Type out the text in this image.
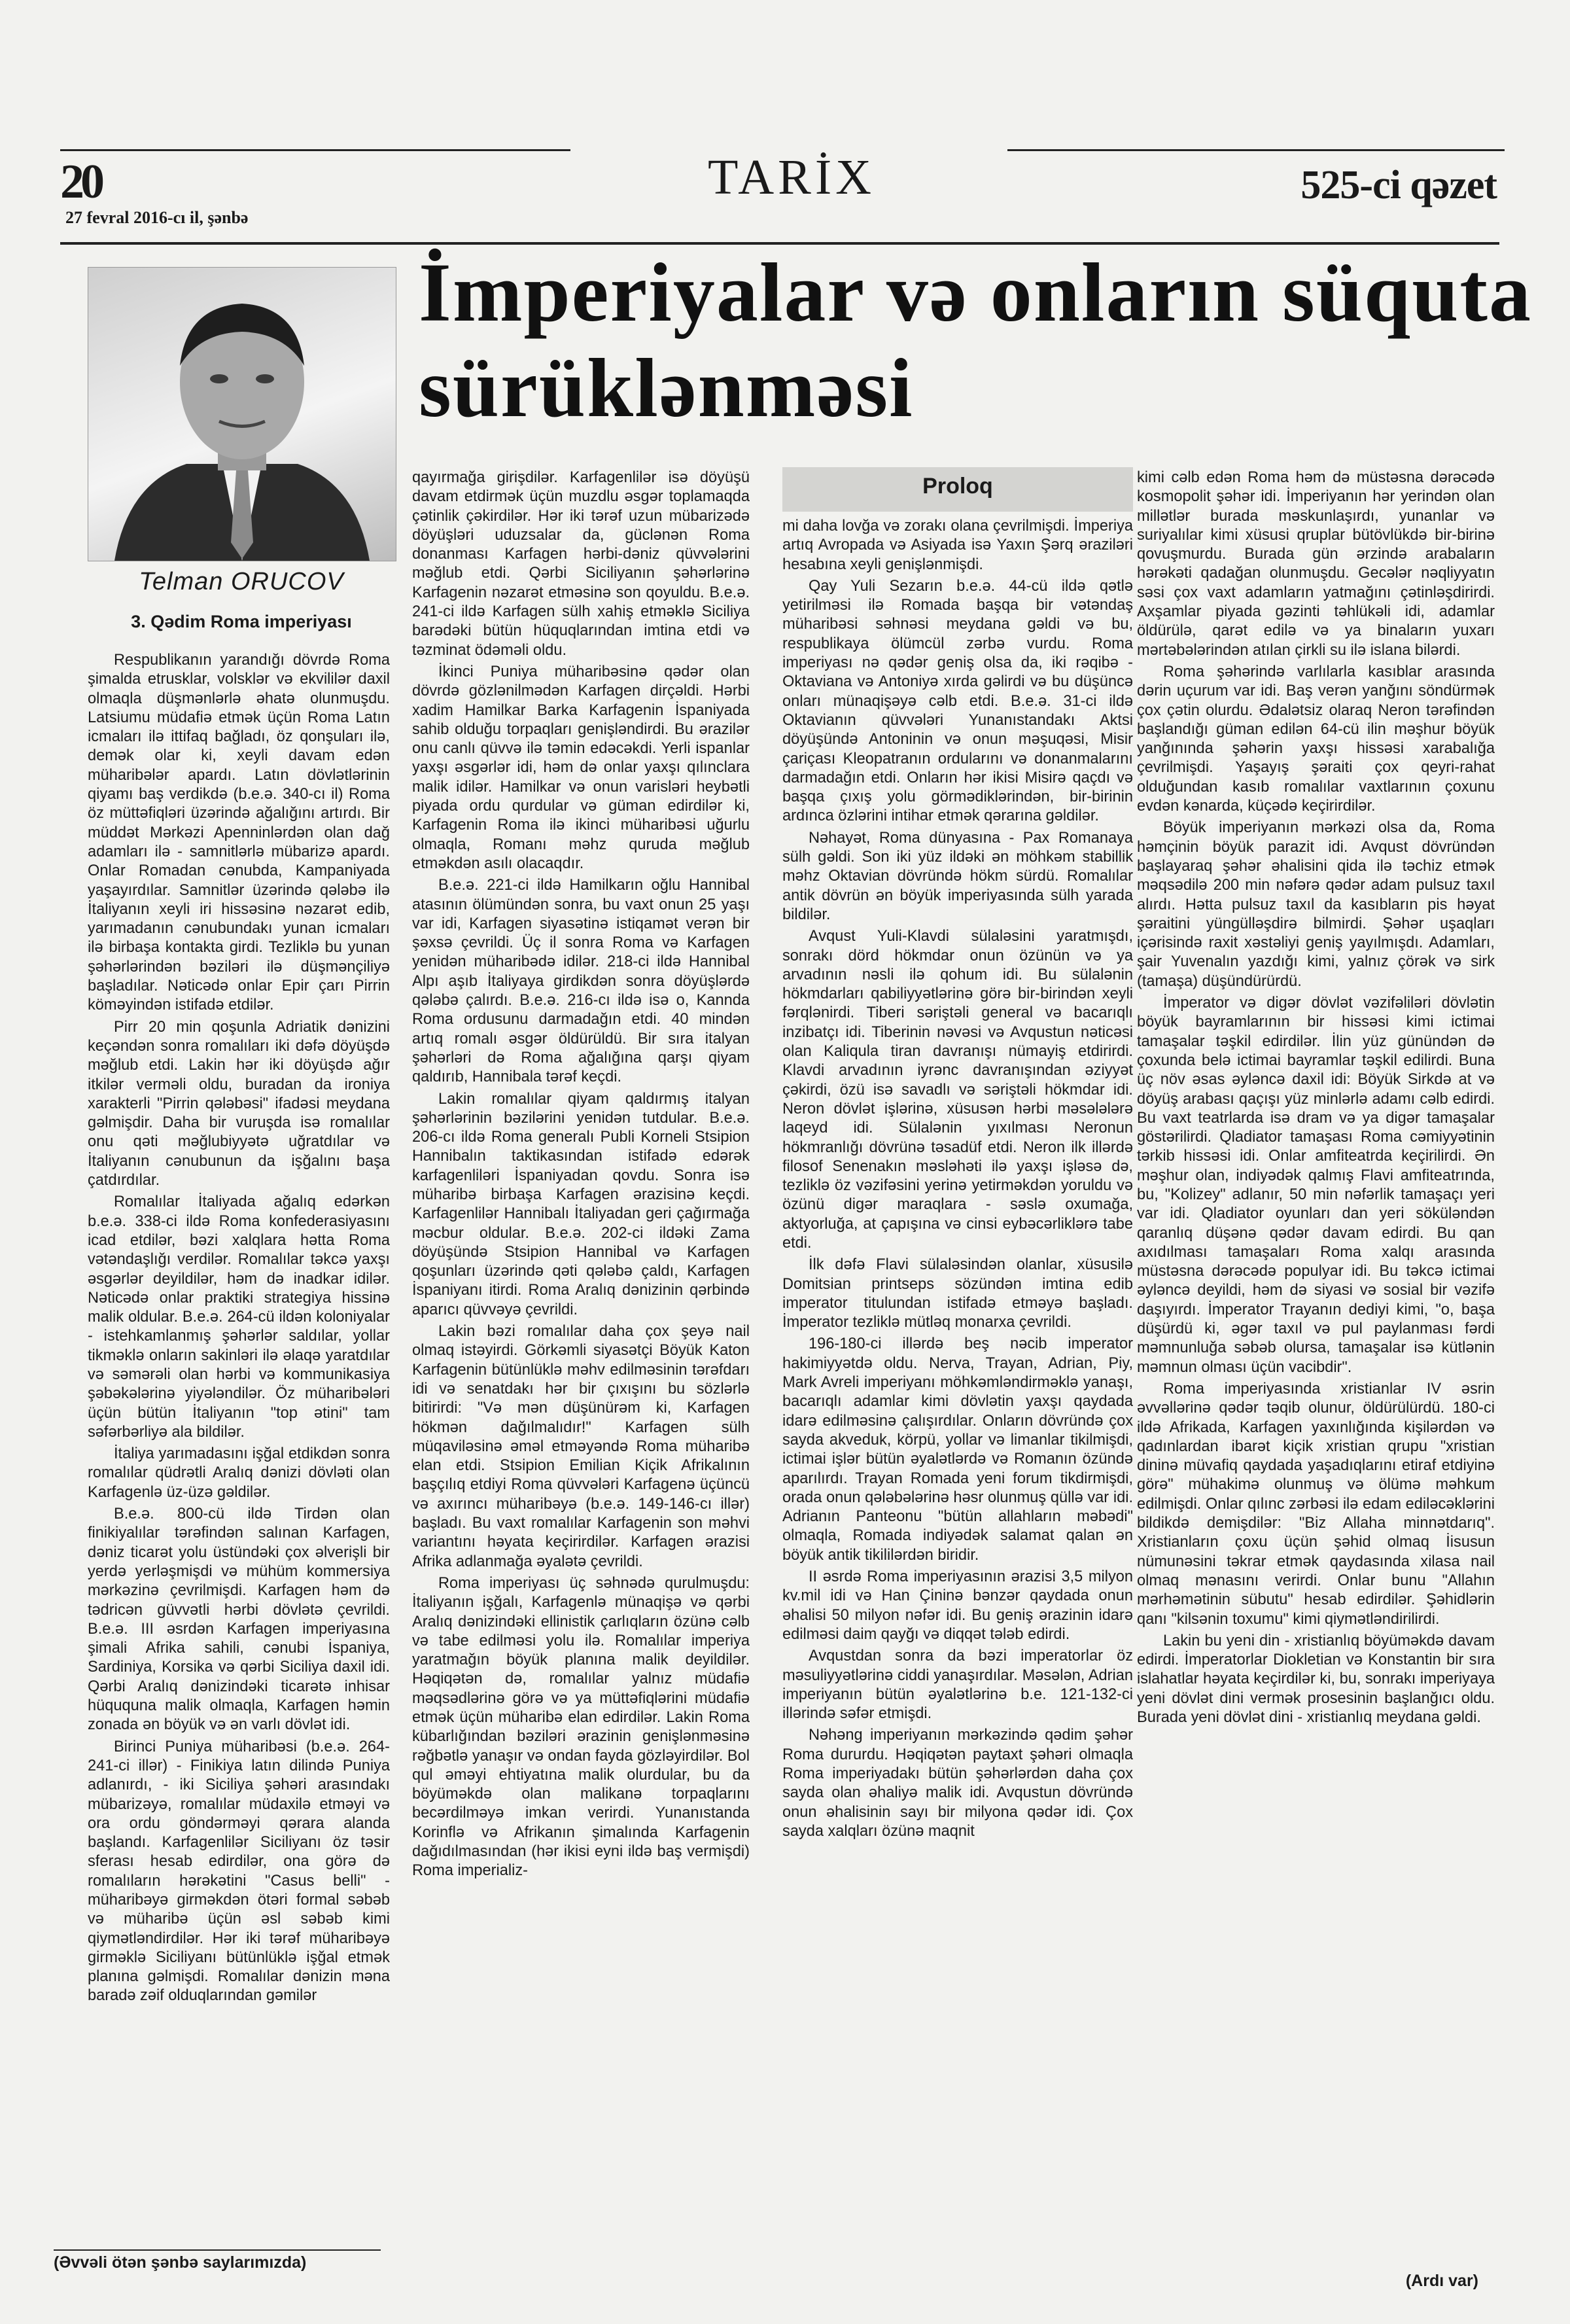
20
27 fevral 2016-cı il, şənbə
TARİX	525-ci qəzet
İmperiyalar və onların süquta sürüklənməsi
Telman ORUCOV
3. Qədim Roma imperiyası

Respublikanın yarandığı dövrdə Roma şimalda etrusklar, volsklər və ekvililər daxil olmaqla düşmənlərlə əhatə olunmuşdu. Latsiumu müdafiə etmək üçün Roma Latın icmaları ilə ittifaq bağladı, öz qonşuları ilə, demək olar ki, xeyli davam edən müharibələr apardı. Latın dövlətlərinin qiyamı baş verdikdə (b.e.ə. 340-cı il) Roma öz müttəfiqləri üzərində ağalığını artırdı. Bir müddət Mərkəzi Apenninlərdən olan dağ adamları ilə - samnitlərlə mübarizə apardı. Onlar Romadan cənubda, Kampaniyada yaşayırdılar. Samnitlər üzərində qələbə ilə İtaliyanın xeyli iri hissəsinə nəzarət edib, yarımadanın cənubundakı yunan icmaları ilə birbaşa kontakta girdi. Tezliklə bu yunan şəhərlərindən bəziləri ilə düşmənçiliyə başladılar. Nəticədə onlar Epir çarı Pirrin köməyindən istifadə etdilər.

Pirr 20 min qoşunla Adriatik dənizini keçəndən sonra romalıları iki dəfə döyüşdə məğlub etdi. Lakin hər iki döyüşdə ağır itkilər verməli oldu, buradan da ironiya xarakterli "Pirrin qələbəsi" ifadəsi meydana gəlmişdir. Daha bir vuruşda isə romalılar onu qəti məğlubiyyətə uğratdılar və İtaliyanın cənubunun da işğalını başa çatdırdılar.

Romalılar İtaliyada ağalıq edərkən b.e.ə. 338-ci ildə Roma konfederasiyasını icad etdilər, bəzi xalqlara hətta Roma vətəndaşlığı verdilər. Romalılar təkcə yaxşı əsgərlər deyildilər, həm də inadkar idilər. Nəticədə onlar praktiki strategiya hissinə malik oldular. B.e.ə. 264-cü ildən koloniyalar - istehkamlanmış şəhərlər saldılar, yollar tikməklə onların sakinləri ilə əlaqə yaratdılar və səmərəli olan hərbi və kommunikasiya şəbəkələrinə yiyələndilər. Öz müharibələri üçün bütün İtaliyanın "top ətini" tam səfərbərliyə ala bildilər.

İtaliya yarımadasını işğal etdikdən sonra romalılar qüdrətli Aralıq dənizi dövləti olan Karfagenlə üz-üzə gəldilər.

B.e.ə. 800-cü ildə Tirdən olan finikiyalılar tərəfindən salınan Karfagen, dəniz ticarət yolu üstündəki çox əlverişli bir yerdə yerləşmişdi və mühüm kommersiya mərkəzinə çevrilmişdi. Karfagen həm də tədricən güvvətli hərbi dövlətə çevrildi. B.e.ə. III əsrdən Karfagen imperiyasına şimali Afrika sahili, cənubi İspaniya, Sardiniya, Korsika və qərbi Siciliya daxil idi. Qərbi Aralıq dənizindəki ticarətə inhisar hüququna malik olmaqla, Karfagen həmin zonada ən böyük və ən varlı dövlət idi.

Birinci Puniya müharibəsi (b.e.ə. 264-241-ci illər) - Finikiya latın dilində Puniya adlanırdı, - iki Siciliya şəhəri arasındakı mübarizəyə, romalılar müdaxilə etməyi və ora ordu göndərməyi qərara alanda başlandı. Karfagenlilər Siciliyanı öz təsir sferası hesab edirdilər, ona görə də romalıların hərəkətini "Casus belli" - müharibəyə girməkdən ötəri formal səbəb və müharibə üçün əsl səbəb kimi qiymətləndirdilər. Hər iki tərəf müharibəyə girməklə Siciliyanı bütünlüklə işğal etmək planına gəlmişdi. Romalılar dənizin məna baradə zəif olduqlarından gəmilər

qayırmağa girişdilər. Karfagenlilər isə döyüşü davam etdirmək üçün muzdlu əsgər toplamaqda çətinlik çəkirdilər. Hər iki tərəf uzun mübarizədə döyüşləri uduzsalar da, güclənən Roma donanması Karfagen hərbi-dəniz qüvvələrini məğlub etdi. Qərbi Siciliyanın şəhərlərinə Karfagenin nəzarət etməsinə son qoyuldu. B.e.ə. 241-ci ildə Karfagen sülh xahiş etməklə Siciliya barədəki bütün hüquqlarından imtina etdi və təzminat ödəməli oldu.

İkinci Puniya müharibəsinə qədər olan dövrdə gözlənilmədən Karfagen dirçəldi. Hərbi xadim Hamilkar Barka Karfagenin İspaniyada sahib olduğu torpaqları genişləndirdi. Bu ərazilər onu canlı qüvvə ilə təmin edəcəkdi. Yerli ispanlar yaxşı əsgərlər idi, həm də onlar yaxşı qılınclara malik idilər. Hamilkar və onun varisləri heybətli piyada ordu qurdular və güman edirdilər ki, Karfagenin Roma ilə ikinci müharibəsi uğurlu olmaqla, Romanı məhz quruda məğlub etməkdən asılı olacaqdır.

B.e.ə. 221-ci ildə Hamilkarın oğlu Hannibal atasının ölümündən sonra, bu vaxt onun 25 yaşı var idi, Karfagen siyasətinə istiqamət verən bir şəxsə çevrildi. Üç il sonra Roma və Karfagen yenidən müharibədə idilər. 218-ci ildə Hannibal Alpı aşıb İtaliyaya girdikdən sonra döyüşlərdə qələbə çalırdı. B.e.ə. 216-cı ildə isə o, Kannda Roma ordusunu darmadağın etdi. 40 mindən artıq romalı əsgər öldürüldü. Bir sıra italyan şəhərləri də Roma ağalığına qarşı qiyam qaldırıb, Hannibala tərəf keçdi.

Lakin romalılar qiyam qaldırmış italyan şəhərlərinin bəzilərini yenidən tutdular. B.e.ə. 206-cı ildə Roma generalı Publi Korneli Stsipion Hannibalın taktikasından istifadə edərək karfagenliləri İspaniyadan qovdu. Sonra isə müharibə birbaşa Karfagen ərazisinə keçdi. Karfagenlilər Hannibalı İtaliyadan geri çağırmağa məcbur oldular. B.e.ə. 202-ci ildəki Zama döyüşündə Stsipion Hannibal və Karfagen qoşunları üzərində qəti qələbə çaldı, Karfagen İspaniyanı itirdi. Roma Aralıq dənizinin qərbində aparıcı qüvvəyə çevrildi.

Lakin bəzi romalılar daha çox şeyə nail olmaq istəyirdi. Görkəmli siyasətçi Böyük Katon Karfagenin bütünlüklə məhv edilməsinin tərəfdarı idi və senatdakı hər bir çıxışını bu sözlərlə bitirirdi: "Və mən düşünürəm ki, Karfagen hökmən dağılmalıdır!" Karfagen sülh müqaviləsinə əməl etməyəndə Roma müharibə elan etdi. Stsipion Emilian Kiçik Afrikalının başçılıq etdiyi Roma qüvvələri Karfagenə üçüncü və axırıncı müharibəyə (b.e.ə. 149-146-cı illər) başladı. Bu vaxt romalılar Karfagenin son məhvi variantını həyata keçirirdilər. Karfagen ərazisi Afrika adlanmağa əyalətə çevrildi.

Roma imperiyası üç səhnədə qurulmuşdu: İtaliyanın işğalı, Karfagenlə münaqişə və qərbi Aralıq dənizindəki ellinistik çarlıqların özünə cəlb və tabe edilməsi yolu ilə. Romalılar imperiya yaratmağın böyük planına malik deyildilər. Həqiqətən də, romalılar yalnız müdafiə məqsədlərinə görə və ya müttəfiqlərini müdafiə etmək üçün müharibə elan edirdilər. Lakin Roma kübarlığından bəziləri ərazinin genişlənməsinə rəğbətlə yanaşır və ondan fayda gözləyirdilər. Bol qul əməyi ehtiyatına malik olurdular, bu da böyüməkdə olan malikanə torpaqlarını becərdilməyə imkan verirdi. Yunanıstanda Korinflə və Afrikanın şimalında Karfagenin dağıdılmasından (hər ikisi eyni ildə baş vermişdi) Roma imperializ-

Proloq

mi daha lovğa və zorakı olana çevrilmişdi. İmperiya artıq Avropada və Asiyada isə Yaxın Şərq əraziləri hesabına xeyli genişlənmişdi.

Qay Yuli Sezarın b.e.ə. 44-cü ildə qətlə yetirilməsi ilə Romada başqa bir vətəndaş müharibəsi səhnəsi meydana gəldi və bu, respublikaya ölümcül zərbə vurdu. Roma imperiyası nə qədər geniş olsa da, iki rəqibə - Oktaviana və Antoniyə xırda gəlirdi və bu düşüncə onları münaqişəyə cəlb etdi. B.e.ə. 31-ci ildə Oktavianın qüvvələri Yunanıstandakı Aktsi döyüşündə Antoninin və onun məşuqəsi, Misir çariçası Kleopatranın ordularını və donanmalarını darmadağın etdi. Onların hər ikisi Misirə qaçdı və başqa çıxış yolu görmədiklərindən, bir-birinin ardınca özlərini intihar etmək qərarına gəldilər.

Nəhayət, Roma dünyasına - Pax Romanaya sülh gəldi. Son iki yüz ildəki ən möhkəm stabillik məhz Oktavian dövründə hökm sürdü. Romalılar antik dövrün ən böyük imperiyasında sülh yarada bildilər.

Avqust Yuli-Klavdi sülaləsini yaratmışdı, sonrakı dörd hökmdar onun özünün və ya arvadının nəsli ilə qohum idi. Bu sülalənin hökmdarları qabiliyyətlərinə görə bir-birindən xeyli fərqlənirdi. Tiberi səriştəli general və bacarıqlı inzibatçı idi. Tiberinin nəvəsi və Avqustun nəticəsi olan Kaliqula tiran davranışı nümayiş etdirirdi. Klavdi arvadının iyrənc davranışından əziyyət çəkirdi, özü isə savadlı və səriştəli hökmdar idi. Neron dövlət işlərinə, xüsusən hərbi məsələlərə laqeyd idi. Sülalənin yıxılması Neronun hökmranlığı dövrünə təsadüf etdi. Neron ilk illərdə filosof Senenakın məsləhəti ilə yaxşı işləsə də, tezliklə öz vəzifəsini yerinə yetirməkdən yoruldu və özünü digər maraqlara - səslə oxumağa, aktyorluğa, at çapışına və cinsi eybəcərliklərə tabe etdi.

İlk dəfə Flavi sülaləsindən olanlar, xüsusilə Domitsian printseps sözündən imtina edib imperator titulundan istifadə etməyə başladı. İmperator tezliklə mütləq monarxa çevrildi.

196-180-ci illərdə beş nəcib imperator hakimiyyətdə oldu. Nerva, Trayan, Adrian, Piy, Mark Avreli imperiyanı möhkəmləndirməklə yanaşı, bacarıqlı adamlar kimi dövlətin yaxşı qaydada idarə edilməsinə çalışırdılar. Onların dövründə çox sayda akveduk, körpü, yollar və limanlar tikilmişdi, ictimai işlər bütün əyalətlərdə və Romanın özündə aparılırdı. Trayan Romada yeni forum tikdirmişdi, orada onun qələbələrinə həsr olunmuş qüllə var idi. Adrianın Panteonu "bütün allahların məbədi" olmaqla, Romada indiyədək salamat qalan ən böyük antik tikililərdən biridir.

II əsrdə Roma imperiyasının ərazisi 3,5 milyon kv.mil idi və Han Çininə bənzər qaydada onun əhalisi 50 milyon nəfər idi. Bu geniş ərazinin idarə edilməsi daim qayğı və diqqət tələb edirdi.

Avqustdan sonra da bəzi imperatorlar öz məsuliyyətlərinə ciddi yanaşırdılar. Məsələn, Adrian imperiyanın bütün əyalətlərinə b.e. 121-132-ci illərində səfər etmişdi.

Nəhəng imperiyanın mərkəzində qədim şəhər Roma dururdu. Həqiqətən paytaxt şəhəri olmaqla Roma imperiyadakı bütün şəhərlərdən daha çox sayda olan əhaliyə malik idi. Avqustun dövründə onun əhalisinin sayı bir milyona qədər idi. Çox sayda xalqları özünə maqnit

kimi cəlb edən Roma həm də müstəsna dərəcədə kosmopolit şəhər idi. İmperiyanın hər yerindən olan millətlər burada məskunlaşırdı, yunanlar və suriyalılar kimi xüsusi qruplar bütövlükdə bir-birinə qovuşmurdu. Burada gün ərzində arabaların hərəkəti qadağan olunmuşdu. Gecələr nəqliyyatın səsi çox vaxt adamların yatmağını çətinləşdirirdi. Axşamlar piyada gəzinti təhlükəli idi, adamlar öldürülə, qarət edilə və ya binaların yuxarı mərtəbələrindən atılan çirkli su ilə islana bilərdi.

Roma şəhərində varlılarla kasıblar arasında dərin uçurum var idi. Baş verən yanğını söndürmək çox çətin olurdu. Ədalətsiz olaraq Neron tərəfindən başlandığı güman edilən 64-cü ilin məşhur böyük yanğınında şəhərin yaxşı hissəsi xarabalığa çevrilmişdi. Yaşayış şəraiti çox qeyri-rahat olduğundan kasıb romalılar vaxtlarının çoxunu evdən kənarda, küçədə keçirirdilər.

Böyük imperiyanın mərkəzi olsa da, Roma həmçinin böyük parazit idi. Avqust dövründən başlayaraq şəhər əhalisini qida ilə təchiz etmək məqsədilə 200 min nəfərə qədər adam pulsuz taxıl alırdı. Hətta pulsuz taxıl da kasıbların pis həyat şəraitini yüngülləşdirə bilmirdi. Şəhər uşaqları içərisində raxit xəstəliyi geniş yayılmışdı. Adamları, şair Yuvenalın yazdığı kimi, yalnız çörək və sirk (tamaşa) düşündürürdü.

İmperator və digər dövlət vəzifəliləri dövlətin böyük bayramlarının bir hissəsi kimi ictimai tamaşalar təşkil edirdilər. İlin yüz günündən də çoxunda belə ictimai bayramlar təşkil edilirdi. Buna üç növ əsas əyləncə daxil idi: Böyük Sirkdə at və döyüş arabası qaçışı yüz minlərlə adamı cəlb edirdi. Bu vaxt teatrlarda isə dram və ya digər tamaşalar göstərilirdi. Qladiator tamaşası Roma cəmiyyətinin tərkib hissəsi idi. Onlar amfiteatrda keçirilirdi. Ən məşhur olan, indiyədək qalmış Flavi amfiteatrında, bu, "Kolizey" adlanır, 50 min nəfərlik tamaşaçı yeri var idi. Qladiator oyunları dan yeri söküləndən qaranlıq düşənə qədər davam edirdi. Bu qan axıdılması tamaşaları Roma xalqı arasında müstəsna dərəcədə populyar idi. Bu təkcə ictimai əyləncə deyildi, həm də siyasi və sosial bir vəzifə daşıyırdı. İmperator Trayanın dediyi kimi, "o, başa düşürdü ki, əgər taxıl və pul paylanması fərdi məmnunluğa səbəb olursa, tamaşalar isə kütlənin məmnun olması üçün vacibdir".

Roma imperiyasında xristianlar IV əsrin əvvəllərinə qədər təqib olunur, öldürülürdü. 180-ci ildə Afrikada, Karfagen yaxınlığında kişilərdən və qadınlardan ibarət kiçik xristian qrupu "xristian dininə müvafiq qaydada yaşadıqlarını etiraf etdiyinə görə" mühakimə olunmuş və ölümə məhkum edilmişdi. Onlar qılınc zərbəsi ilə edam ediləcəklərini bildikdə demişdilər: "Biz Allaha minnətdarıq". Xristianların çoxu üçün şəhid olmaq İisusun nümunəsini təkrar etmək qaydasında xilasa nail olmaq mənasını verirdi. Onlar bunu "Allahın mərhəmətinin sübutu" hesab edirdilər. Şəhidlərin qanı "kilsənin toxumu" kimi qiymətləndirilirdi.

Lakin bu yeni din - xristianlıq böyüməkdə davam edirdi. İmperatorlar Diokletian və Konstantin bir sıra islahatlar həyata keçirdilər ki, bu, sonrakı imperiyaya yeni dövlət dini vermək prosesinin başlanğıcı oldu. Burada yeni dövlət dini - xristianlıq meydana gəldi.

(Əvvəli ötən şənbə saylarımızda)
(Ardı var)
